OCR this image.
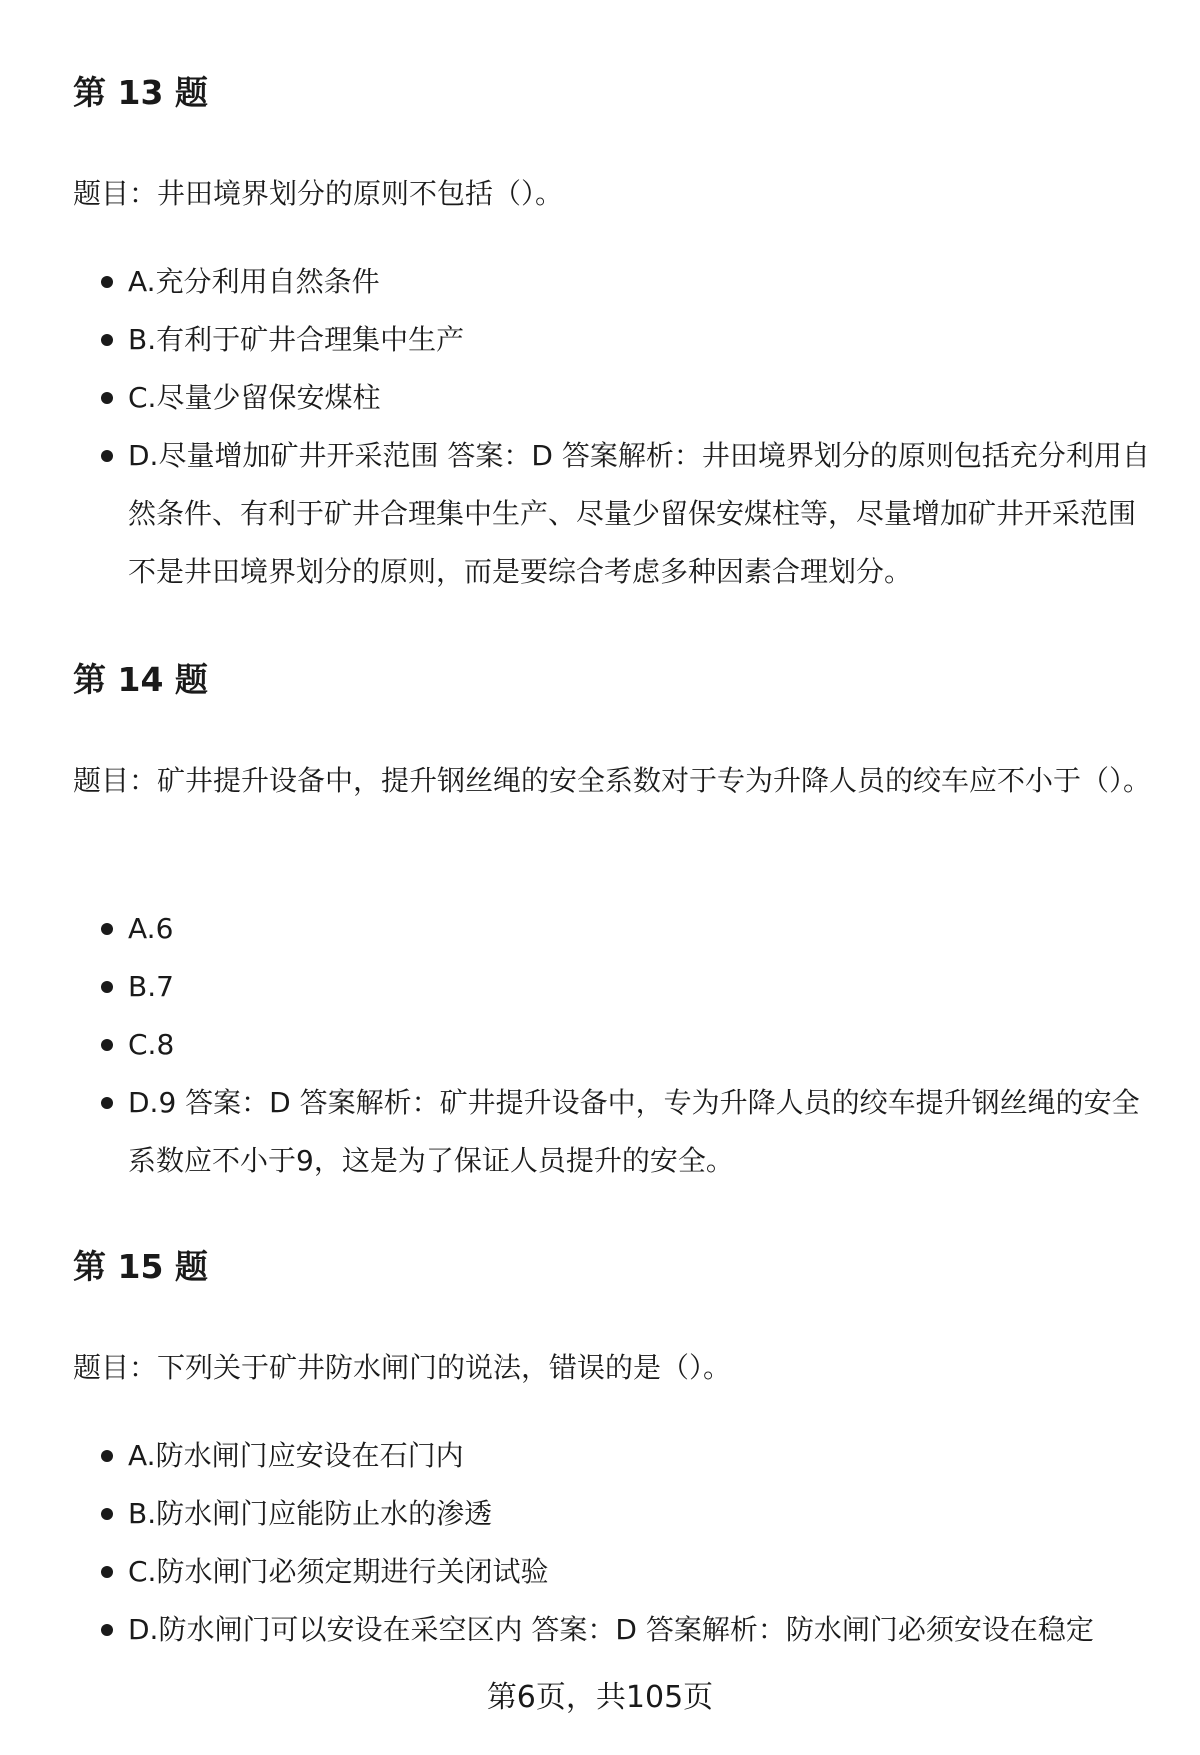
第 13 题

题目：井田境界划分的原则不包括（）。

A.充分利用自然条件
B.有利于矿井合理集中生产
C.尽量少留保安煤柱
D.尽量增加矿井开采范围 答案：D 答案解析：井田境界划分的原则包括充分利用自然条件、有利于矿井合理集中生产、尽量少留保安煤柱等，尽量增加矿井开采范围不是井田境界划分的原则，而是要综合考虑多种因素合理划分。
第 14 题

题目：矿井提升设备中，提升钢丝绳的安全系数对于专为升降人员的绞车应不小于（）。

A.6
B.7
C.8
D.9 答案：D 答案解析：矿井提升设备中，专为升降人员的绞车提升钢丝绳的安全系数应不小于9，这是为了保证人员提升的安全。
第 15 题

题目：下列关于矿井防水闸门的说法，错误的是（）。

A.防水闸门应安设在石门内
B.防水闸门应能防止水的渗透
C.防水闸门必须定期进行关闭试验
D.防水闸门可以安设在采空区内 答案：D 答案解析：防水闸门必须安设在稳定
第6页，共105页
